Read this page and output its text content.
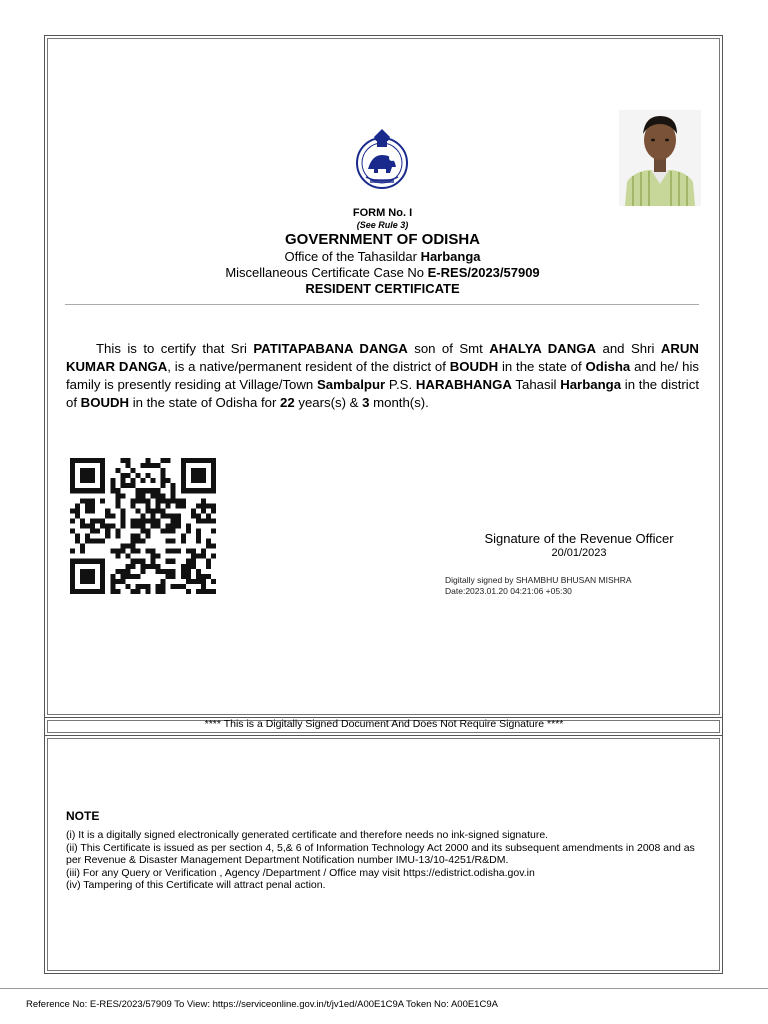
FORM No. I
(See Rule 3)
GOVERNMENT OF ODISHA
Office of the Tahasildar Harbanga
Miscellaneous Certificate Case No E-RES/2023/57909
RESIDENT CERTIFICATE
This is to certify that Sri PATITAPABANA DANGA son of Smt AHALYA DANGA and Shri ARUN KUMAR DANGA, is a native/permanent resident of the district of BOUDH in the state of Odisha and he/ his family is presently residing at Village/Town Sambalpur P.S. HARABHANGA Tahasil Harbanga in the district of BOUDH in the state of Odisha for 22 years(s) & 3 month(s).
Signature of the Revenue Officer
20/01/2023
Digitally signed by SHAMBHU BHUSAN MISHRA
Date:2023.01.20 04:21:06 +05:30
**** This is a Digitally Signed Document And Does Not Require Signature ****
NOTE
(i) It is a digitally signed electronically generated certificate and therefore needs no ink-signed signature.
(ii) This Certificate is issued as per section 4, 5,& 6 of Information Technology Act 2000 and its subsequent amendments in 2008 and as per Revenue & Disaster Management Department Notification number IMU-13/10-4251/R&DM.
(iii) For any Query or Verification , Agency /Department / Office may visit https://edistrict.odisha.gov.in
(iv) Tampering of this Certificate will attract penal action.
Reference No: E-RES/2023/57909 To View: https://serviceonline.gov.in/t/jv1ed/A00E1C9A Token No: A00E1C9A
